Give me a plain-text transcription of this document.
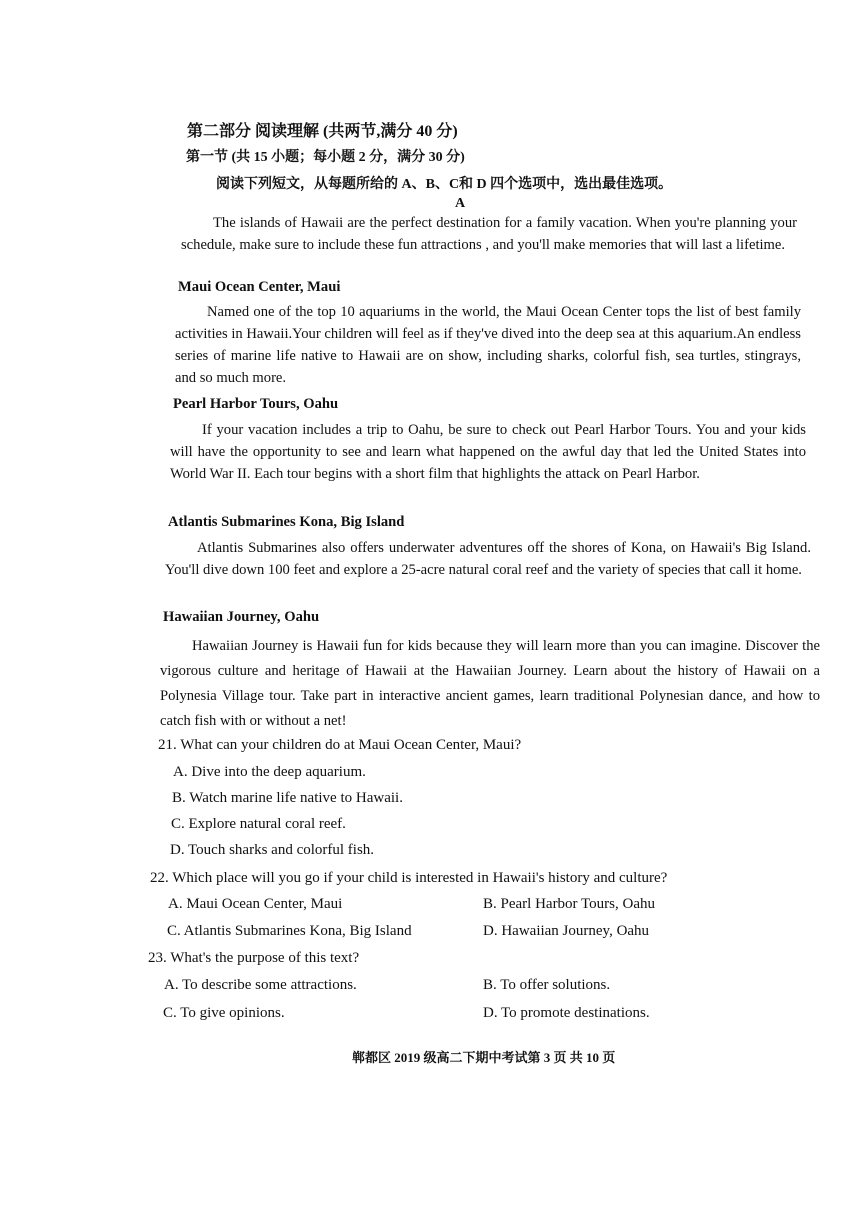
第二部分 阅读理解 (共两节,满分 40 分)
第一节 (共 15 小题；每小题 2 分，满分 30 分)
阅读下列短文，从每题所给的 A、B、C和 D 四个选项中，选出最佳选项。
A

The islands of Hawaii are the perfect destination for a family vacation. When you're planning your schedule, make sure to include these fun attractions , and you'll make memories that will last a lifetime.

Maui Ocean Center, Maui

Named one of the top 10 aquariums in the world, the Maui Ocean Center tops the list of best family activities in Hawaii.Your children will feel as if they've dived into the deep sea at this aquarium.An endless series of marine life native to Hawaii are on show, including sharks, colorful fish, sea turtles, stingrays, and so much more.

Pearl Harbor Tours, Oahu

If your vacation includes a trip to Oahu, be sure to check out Pearl Harbor Tours. You and your kids will have the opportunity to see and learn what happened on the awful day that led the United States into World War II. Each tour begins with a short film that highlights the attack on Pearl Harbor.

Atlantis Submarines Kona, Big Island

Atlantis Submarines also offers underwater adventures off the shores of Kona, on Hawaii's Big Island. You'll dive down 100 feet and explore a 25-acre natural coral reef and the variety of species that call it home.

Hawaiian Journey, Oahu

Hawaiian Journey is Hawaii fun for kids because they will learn more than you can imagine. Discover the vigorous culture and heritage of Hawaii at the Hawaiian Journey. Learn about the history of Hawaii on a Polynesia Village tour. Take part in interactive ancient games, learn traditional Polynesian dance, and how to catch fish with or without a net!

21. What can your children do at Maui Ocean Center, Maui?
A. Dive into the deep aquarium.
B. Watch marine life native to Hawaii.
C. Explore natural coral reef.
D. Touch sharks and colorful fish.
22. Which place will you go if your child is interested in Hawaii's history and culture?
A. Maui Ocean Center, Maui	B. Pearl Harbor Tours, Oahu
C. Atlantis Submarines Kona, Big Island	D. Hawaiian Journey, Oahu
23. What's the purpose of this text?
A. To describe some attractions.	B. To offer solutions.
C. To give opinions.	D. To promote destinations.
郸都区 2019 级高二下期中考试第 3 页 共 10 页
